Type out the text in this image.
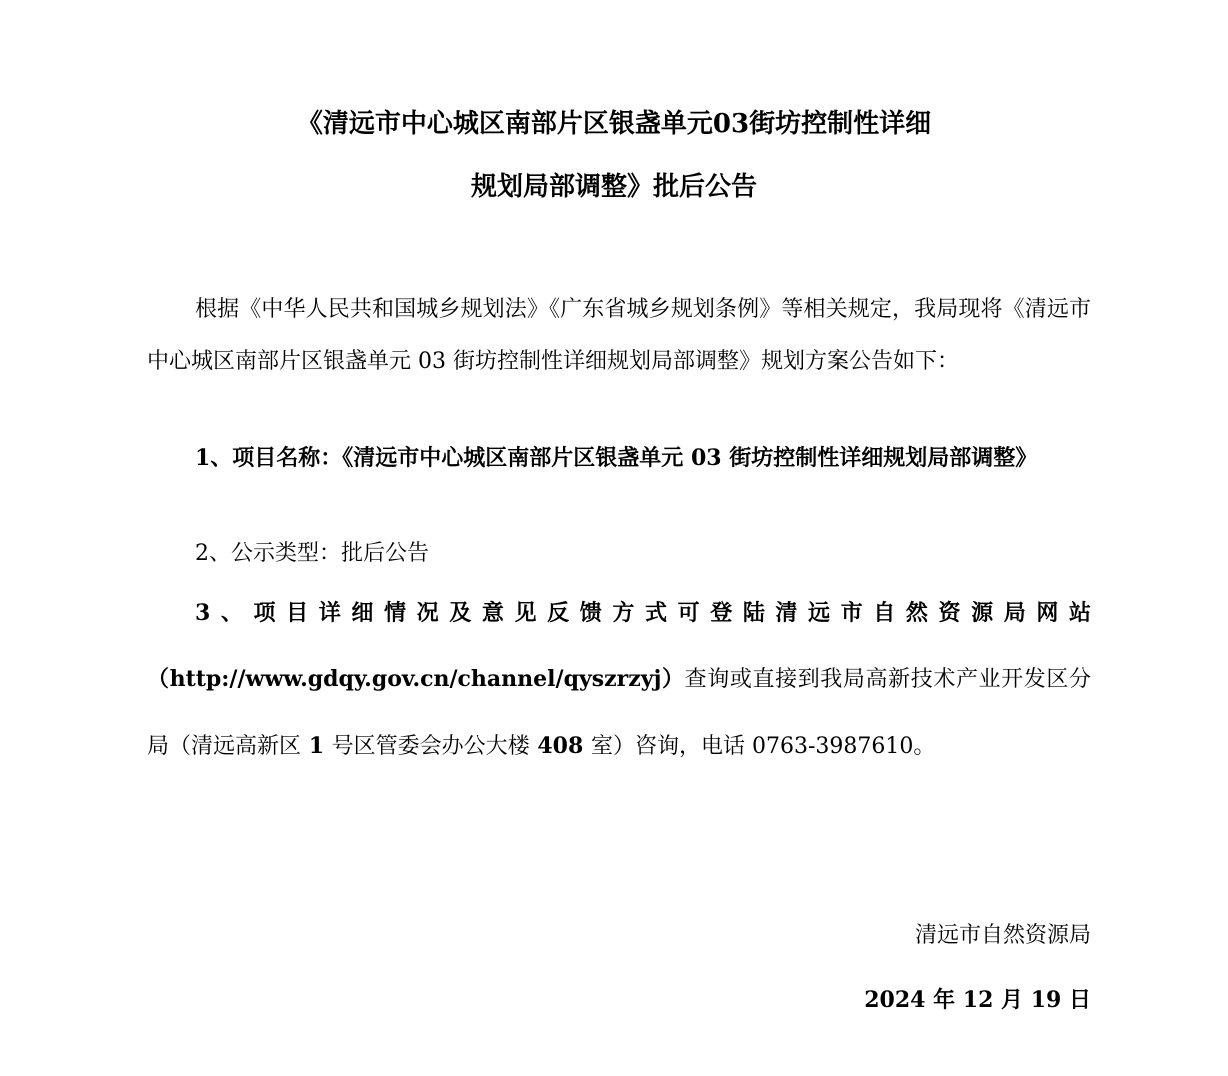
《清远市中心城区南部片区银盏单元03街坊控制性详细
规划局部调整》批后公告
根据《中华人民共和国城乡规划法》《广东省城乡规划条例》等相关规定，我局现将《清远市中心城区南部片区银盏单元 03 街坊控制性详细规划局部调整》规划方案公告如下：
1、项目名称：《清远市中心城区南部片区银盏单元 03 街坊控制性详细规划局部调整》
2、公示类型：批后公告
3、项目详细情况及意见反馈方式可登陆清远市自然资源局网站
（http://www.gdqy.gov.cn/channel/qyszrzyj）查询或直接到我局高新技术产业开发区分局（清远高新区 1 号区管委会办公大楼 408 室）咨询，电话 0763-3987610。
清远市自然资源局
2024 年 12 月 19 日
